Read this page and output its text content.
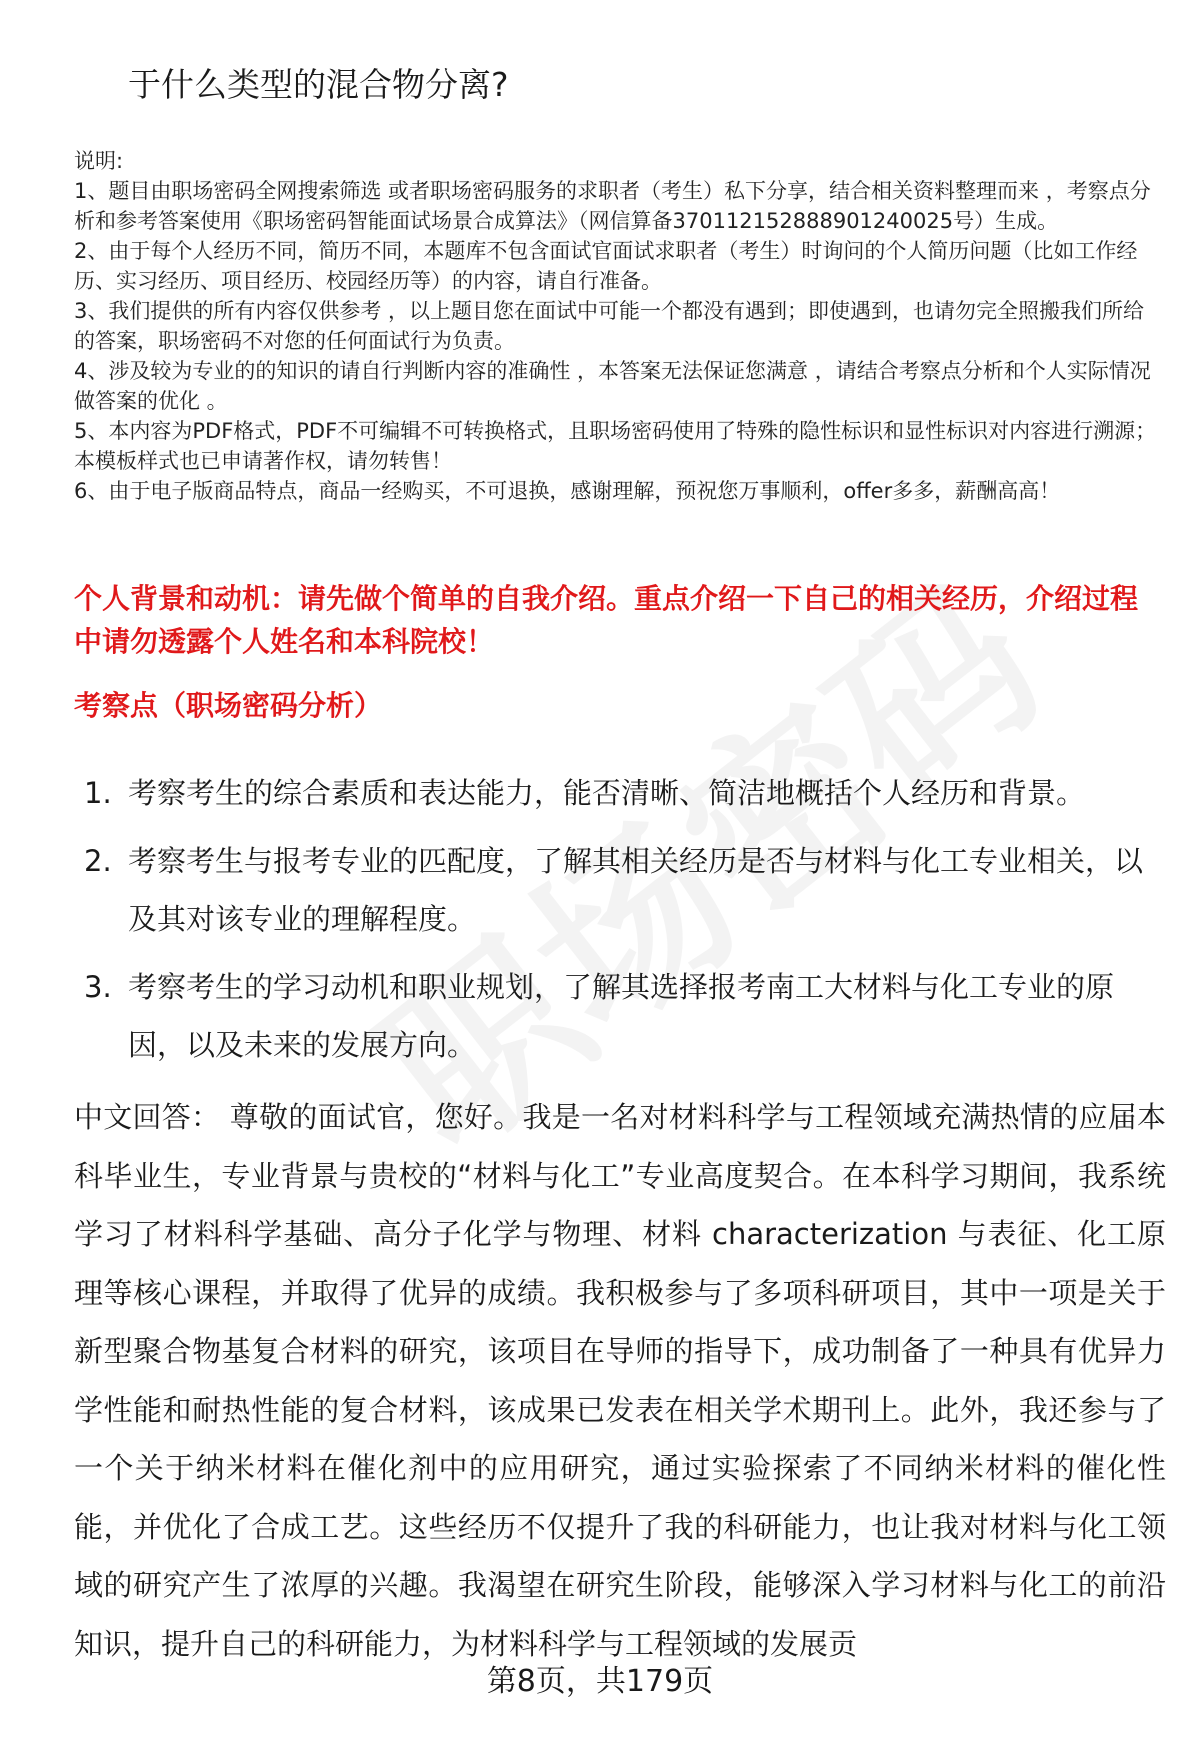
于什么类型的混合物分离?

说明:

1、题目由职场密码全网搜索筛选 或者职场密码服务的求职者（考生）私下分享，结合相关资料整理而来 ，考察点分析和参考答案使用《职场密码智能面试场景合成算法》（网信算备370112152888901240025号）生成。

2、由于每个人经历不同，简历不同，本题库不包含面试官面试求职者（考生）时询问的个人简历问题（比如工作经历、实习经历、项目经历、校园经历等）的内容，请自行准备。

3、我们提供的所有内容仅供参考 ，以上题目您在面试中可能一个都没有遇到；即使遇到，也请勿完全照搬我们所给的答案，职场密码不对您的任何面试行为负责。

4、涉及较为专业的的知识的请自行判断内容的准确性 ，本答案无法保证您满意 ，请结合考察点分析和个人实际情况做答案的优化 。

5、本内容为PDF格式，PDF不可编辑不可转换格式，且职场密码使用了特殊的隐性标识和显性标识对内容进行溯源；本模板样式也已申请著作权，请勿转售！

6、由于电子版商品特点，商品一经购买，不可退换，感谢理解，预祝您万事顺利，offer多多，薪酬高高！

个人背景和动机：请先做个简单的自我介绍。重点介绍一下自己的相关经历，介绍过程中请勿透露个人姓名和本科院校！

考察点（职场密码分析）

1. 考察考生的综合素质和表达能力，能否清晰、简洁地概括个人经历和背景。
2. 考察考生与报考专业的匹配度，了解其相关经历是否与材料与化工专业相关，以及其对该专业的理解程度。
3. 考察考生的学习动机和职业规划，了解其选择报考南工大材料与化工专业的原因，以及未来的发展方向。

中文回答： 尊敬的面试官，您好。我是一名对材料科学与工程领域充满热情的应届本科毕业生，专业背景与贵校的“材料与化工”专业高度契合。在本科学习期间，我系统学习了材料科学基础、高分子化学与物理、材料 characterization 与表征、化工原理等核心课程，并取得了优异的成绩。我积极参与了多项科研项目，其中一项是关于新型聚合物基复合材料的研究，该项目在导师的指导下，成功制备了一种具有优异力学性能和耐热性能的复合材料，该成果已发表在相关学术期刊上。此外，我还参与了一个关于纳米材料在催化剂中的应用研究，通过实验探索了不同纳米材料的催化性能，并优化了合成工艺。这些经历不仅提升了我的科研能力，也让我对材料与化工领域的研究产生了浓厚的兴趣。我渴望在研究生阶段，能够深入学习材料与化工的前沿知识，提升自己的科研能力，为材料科学与工程领域的发展贡

第8页，共179页
